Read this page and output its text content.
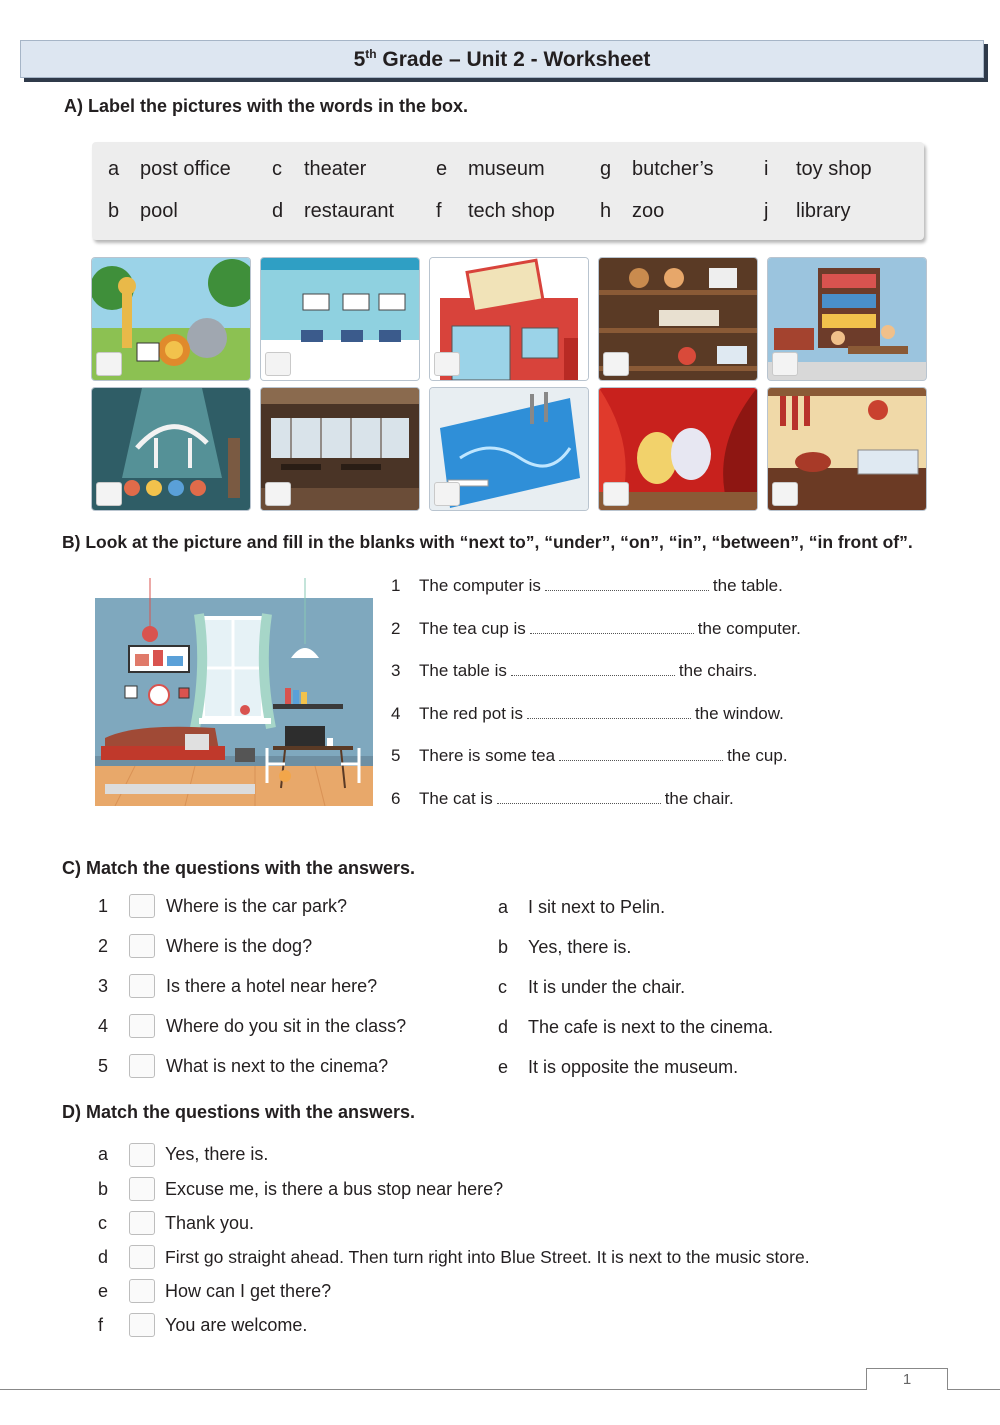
5th Grade – Unit 2 - Worksheet
A) Label the pictures with the words in the box.
a post office
b pool
c theater
d restaurant
e museum
f tech shop
g butcher’s
h zoo
i toy shop
j library
B) Look at the picture and fill in the blanks with “next to”, “under”, “on”, “in”, “between”, “in front of”.
1 The computer is	the table.
2 The tea cup is	the computer.
3 The table is	the chairs.
4 The red pot is	the window.
5 There is some tea	the cup.
6 The cat is	the chair.
C) Match the questions with the answers.
1	Where is the car park?
2	Where is the dog?
3	Is there a hotel near here?
4	Where do you sit in the class?
5	What is next to the cinema?
a I sit next to Pelin.
b Yes, there is.
c It is under the chair.
d The cafe is next to the cinema.
e It is opposite the museum.
D) Match the questions with the answers.
a	Yes, there is.
b	Excuse me, is there a bus stop near here?
c	Thank you.
d	First go straight ahead. Then turn right into Blue Street. It is next to the music store.
e	How can I get there?
f	You are welcome.
1
